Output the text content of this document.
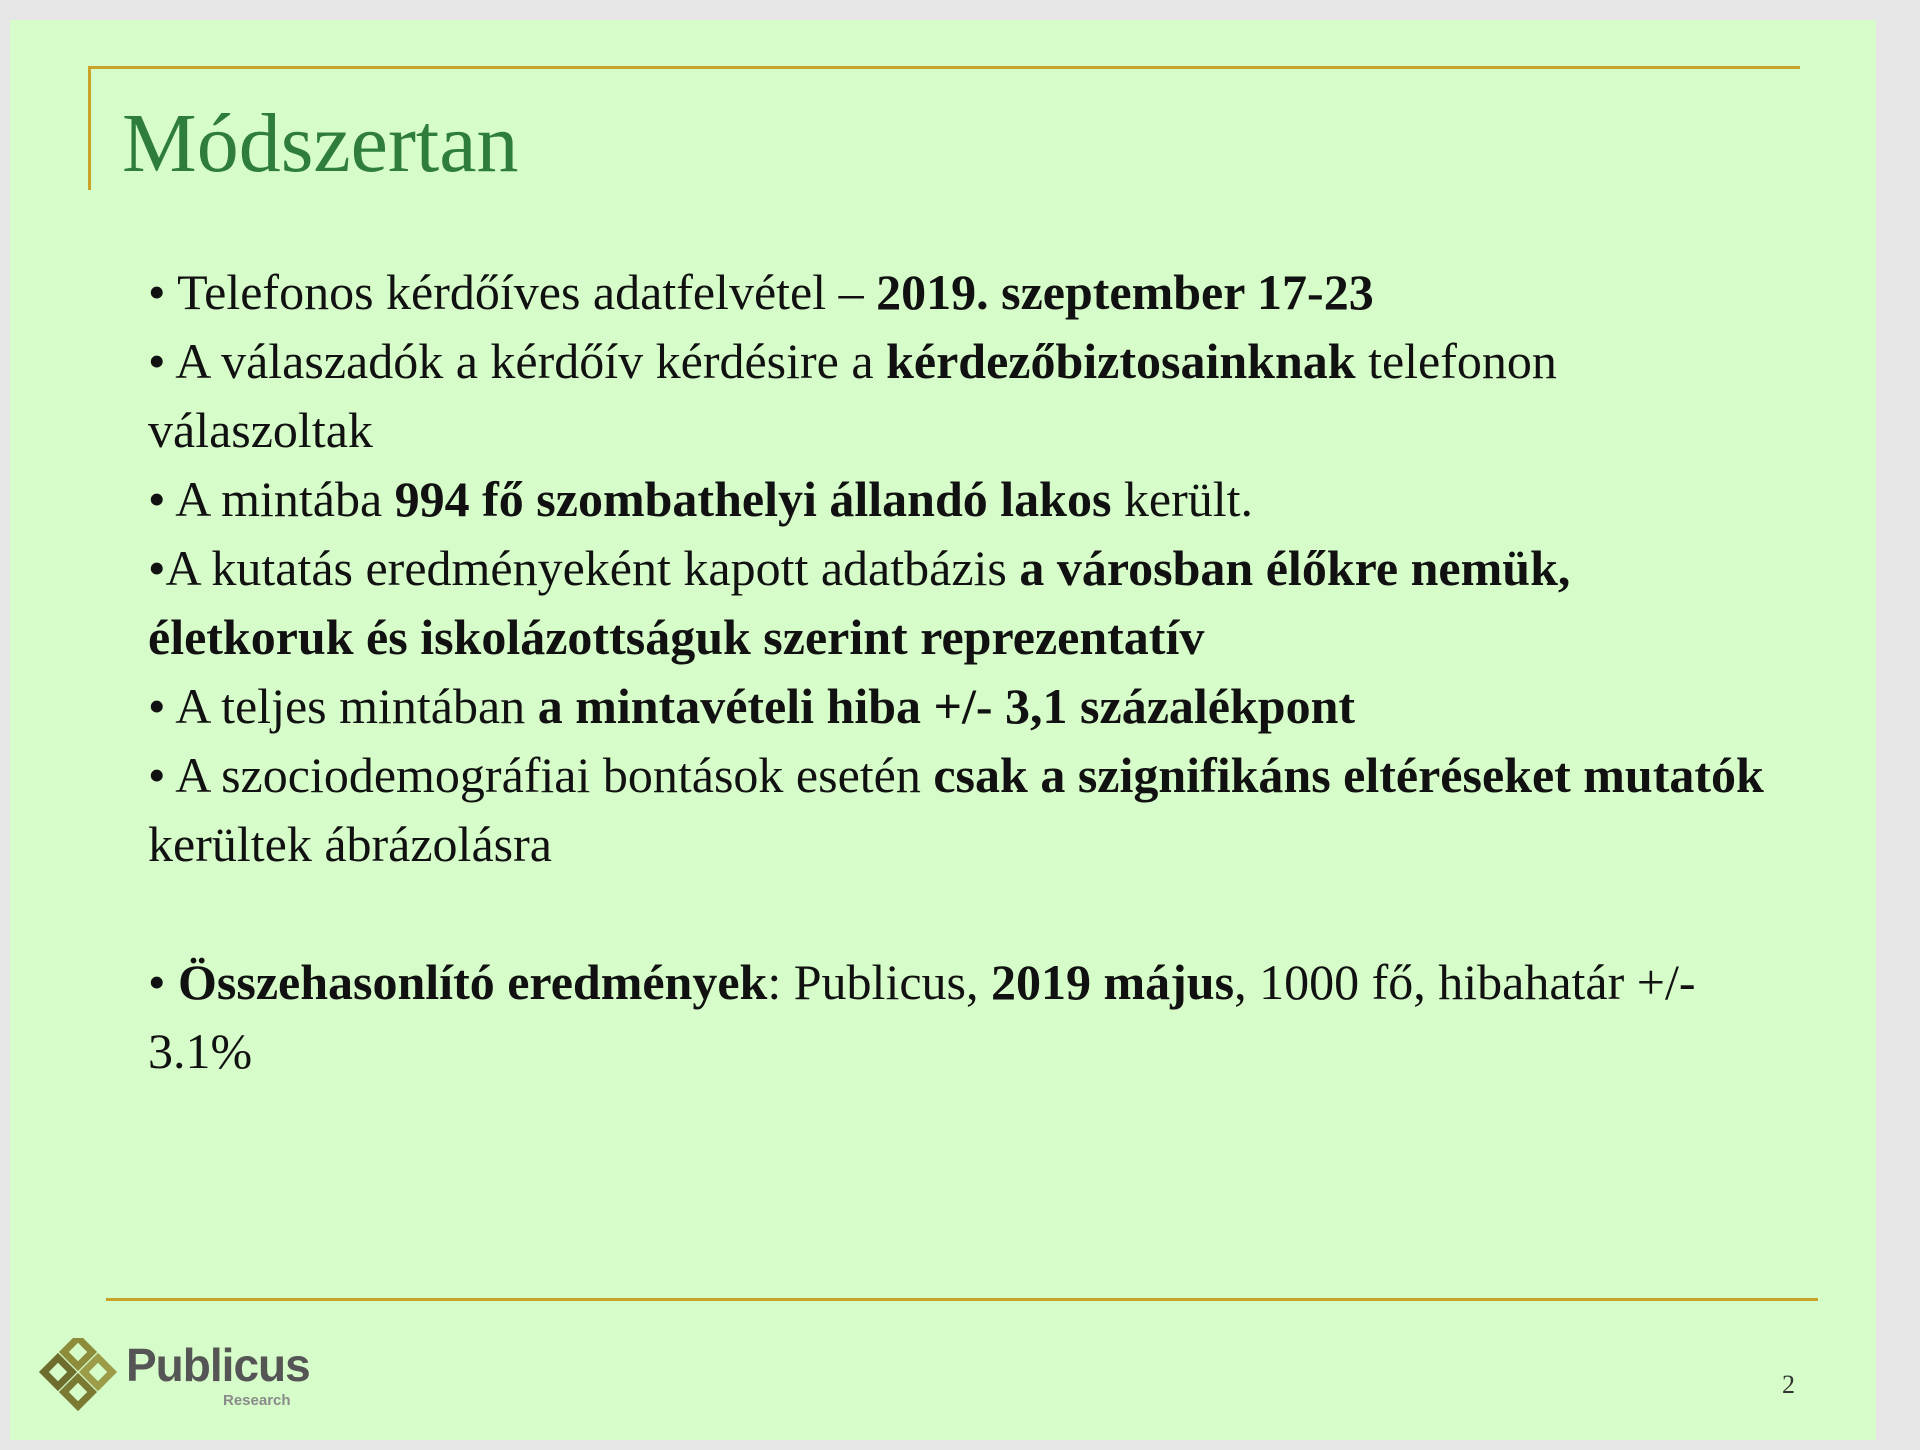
Módszertan

• Telefonos kérdőíves adatfelvétel – 2019. szeptember 17-23

• A válaszadók a kérdőív kérdésire a kérdezőbiztosainknak telefonon válaszoltak

• A mintába 994 fő szombathelyi állandó lakos került.

•A kutatás eredményeként kapott adatbázis a városban élőkre nemük, életkoruk és iskolázottságuk szerint reprezentatív

• A teljes mintában a mintavételi hiba +/- 3,1 százalékpont

• A szociodemográfiai bontások esetén csak a szignifikáns eltéréseket mutatók kerültek ábrázolásra

• Összehasonlító eredmények: Publicus, 2019 május, 1000 fő, hibahatár +/- 3.1%

Publicus
Research
2
